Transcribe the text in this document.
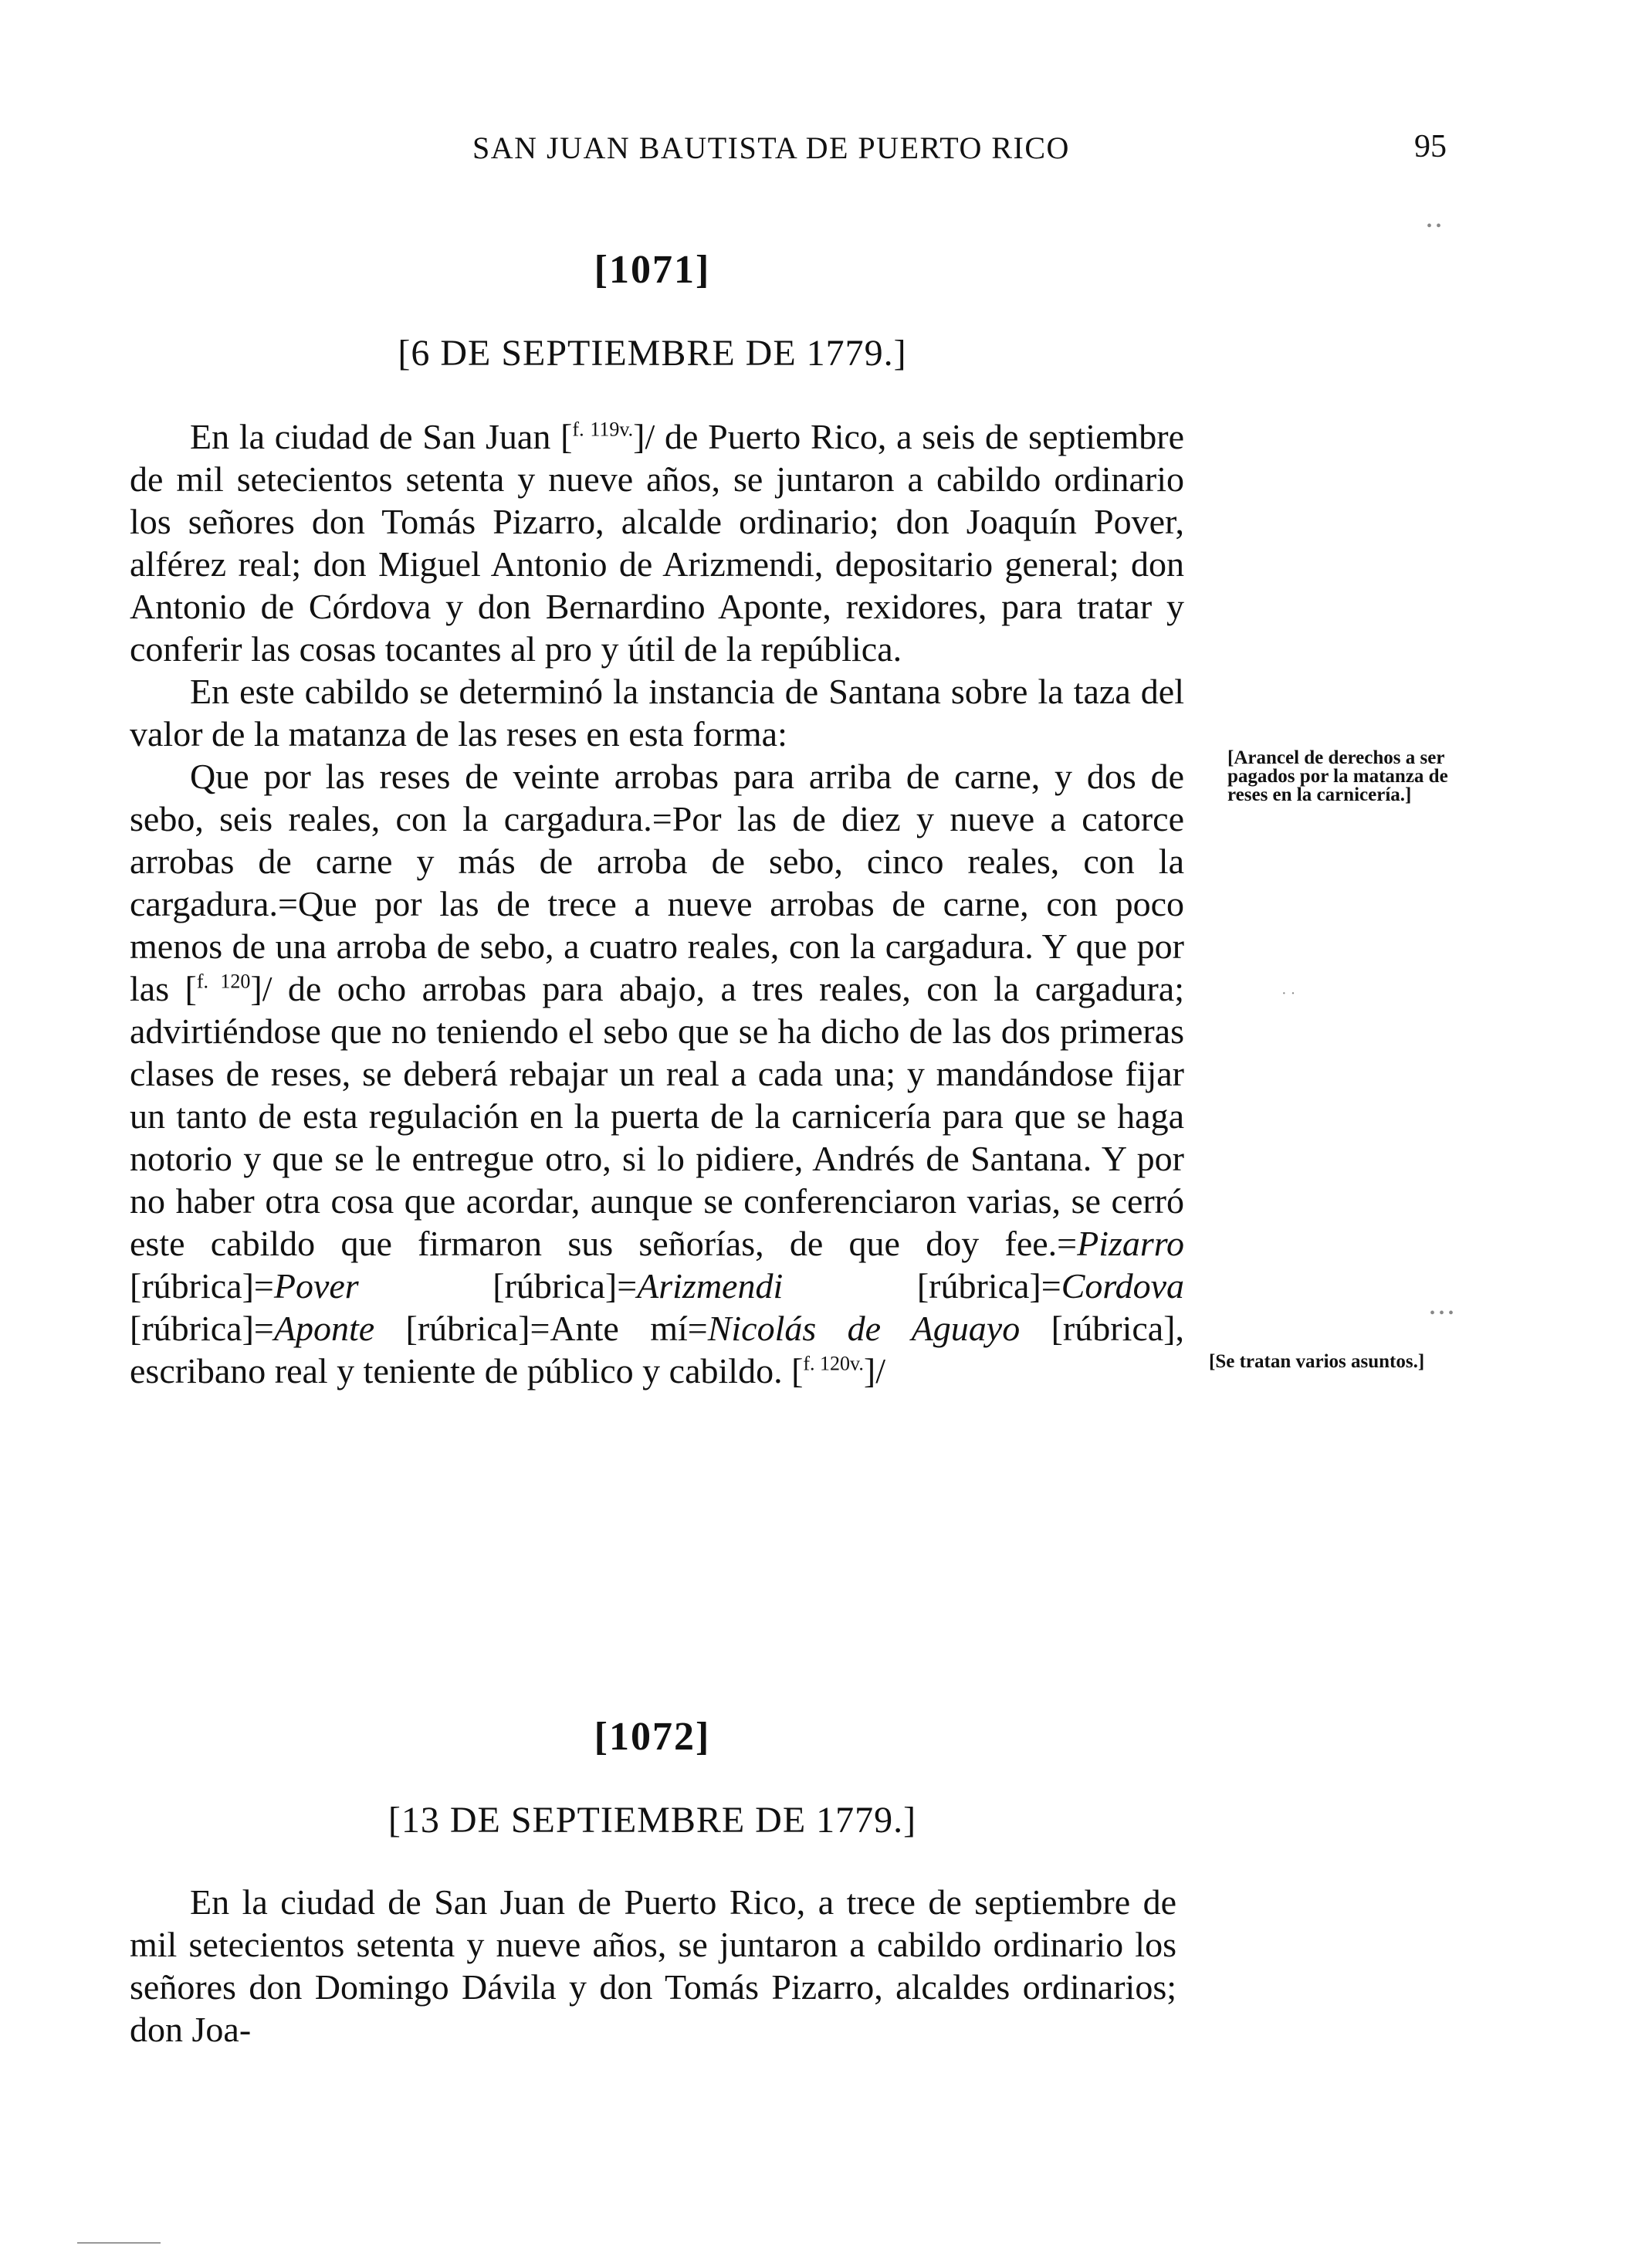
SAN JUAN BAUTISTA DE PUERTO RICO	95
[1071]
[6 DE SEPTIEMBRE DE 1779.]

En la ciudad de San Juan [$^{f. 119v.}$]/ de Puerto Rico, a seis de septiembre de mil setecientos setenta y nueve años, se juntaron a cabildo ordinario los señores don Tomás Pizarro, alcalde ordinario; don Joaquín Pover, alférez real; don Miguel Antonio de Arizmendi, depositario general; don Antonio de Córdova y don Bernardino Aponte, rexidores, para tratar y conferir las cosas tocantes al pro y útil de la república.

En este cabildo se determinó la instancia de Santana sobre la taza del valor de la matanza de las reses en esta forma:

Que por las reses de veinte arrobas para arriba de carne, y dos de sebo, seis reales, con la cargadura.=Por las de diez y nueve a catorce arrobas de carne y más de arroba de sebo, cinco reales, con la cargadura.=Que por las de trece a nueve arrobas de carne, con poco menos de una arroba de sebo, a cuatro reales, con la cargadura. Y que por las [$^{f. 120}$]/ de ocho arrobas para abajo, a tres reales, con la cargadura; advirtiéndose que no teniendo el sebo que se ha dicho de las dos primeras clases de reses, se deberá rebajar un real a cada una; y mandándose fijar un tanto de esta regulación en la puerta de la carnicería para que se haga notorio y que se le entregue otro, si lo pidiere, Andrés de Santana. Y por no haber otra cosa que acordar, aunque se conferenciaron varias, se cerró este cabildo que firmaron sus señorías, de que doy fee.=Pizarro [rúbrica]=Pover	[rúbrica]=Arizmendi	[rúbrica]=Cordova [rúbrica]=Aponte [rúbrica]=Ante mí=Nicolás de Aguayo [rúbrica], escribano real y teniente de público y cabildo. [$^{f. 120v.}$]/

[Arancel de derechos a ser pagados por la matanza de reses en la carnicería.]
[Se tratan varios asuntos.]
[1072]
[13 DE SEPTIEMBRE DE 1779.]

En la ciudad de San Juan de Puerto Rico, a trece de septiembre de mil setecientos setenta y nueve años, se juntaron a cabildo ordinario los señores don Domingo Dávila y don Tomás Pizarro, alcaldes ordinarios; don Joa-

• •
• • •
· ·
